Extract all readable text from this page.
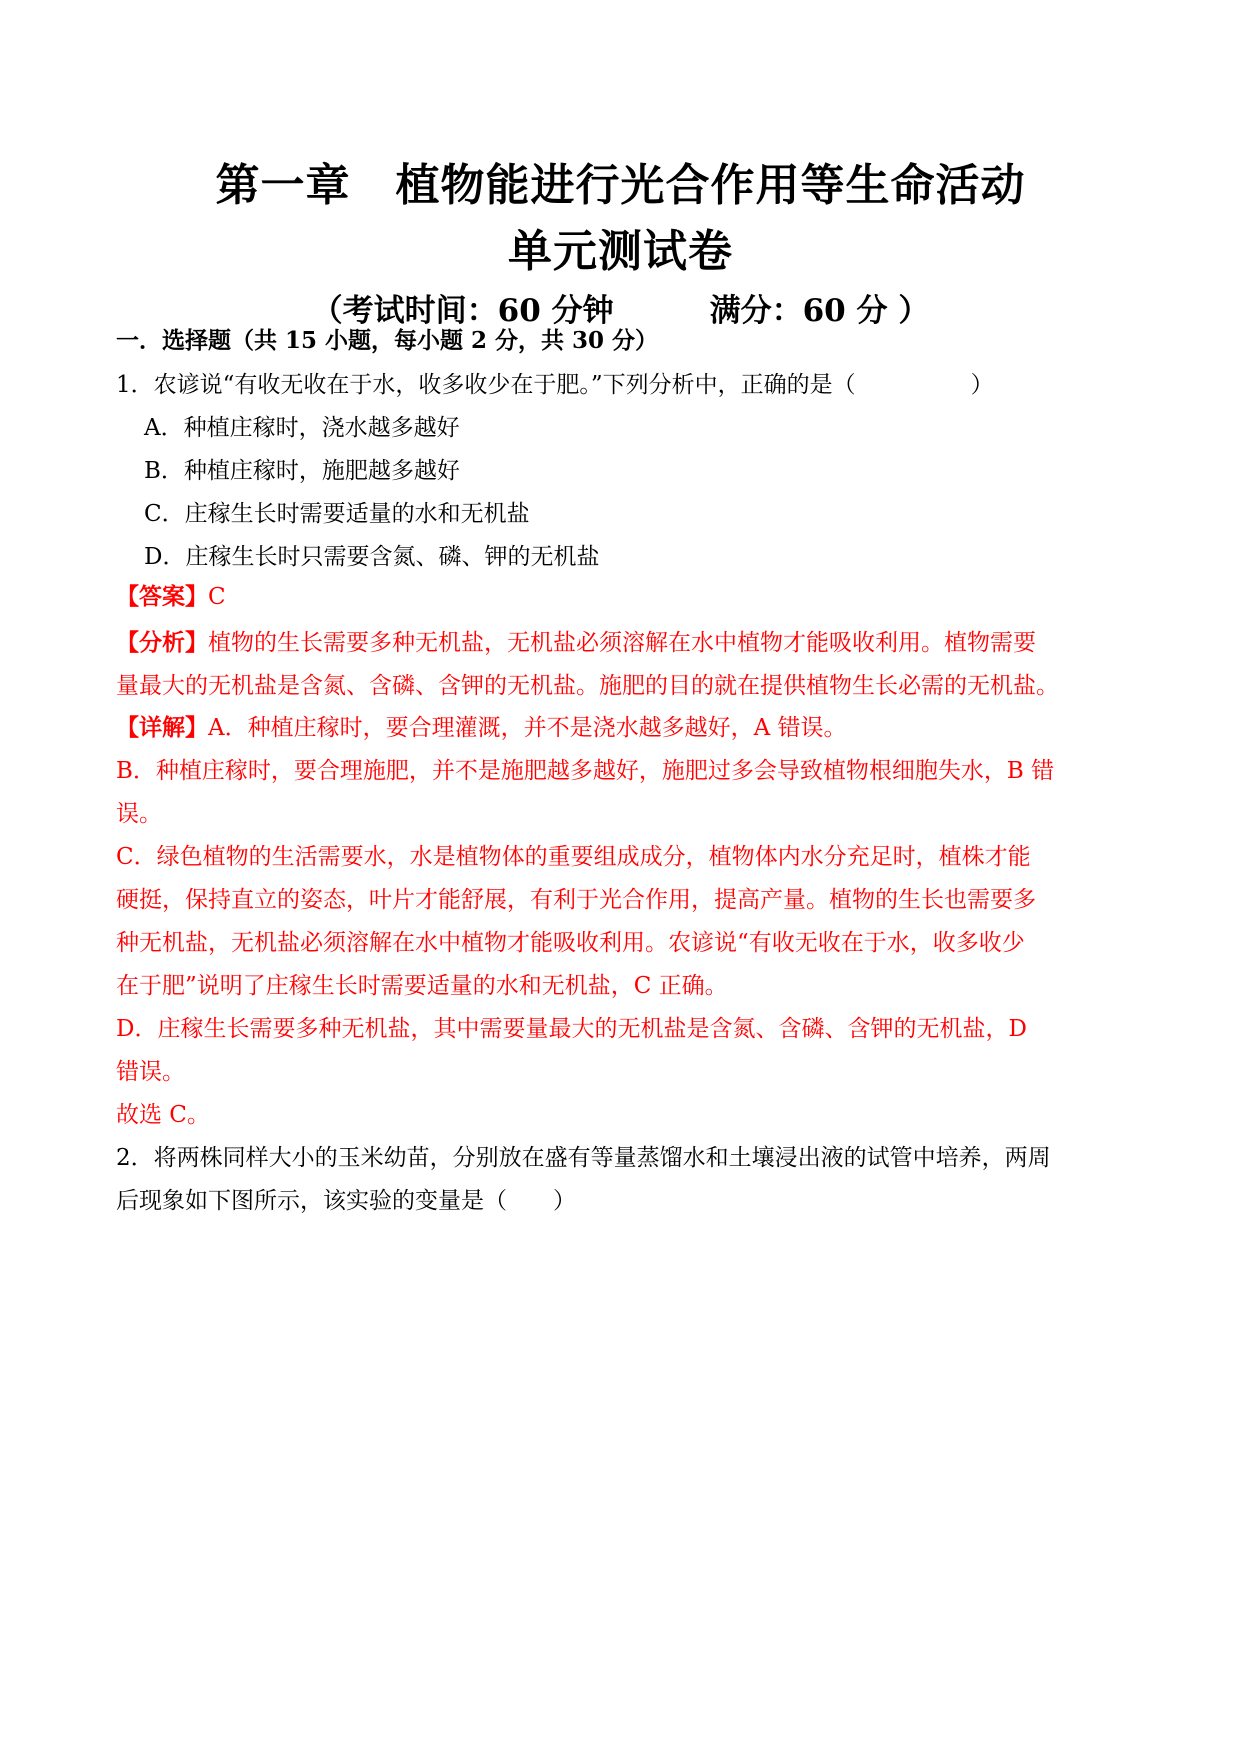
第一章　植物能进行光合作用等生命活动
单元测试卷
（考试时间：60 分钟	满分：60 分 ）
一．选择题（共 15 小题，每小题 2 分，共 30 分）
1．农谚说“有收无收在于水，收多收少在于肥。”下列分析中，正确的是（　　　　　）
A．种植庄稼时，浇水越多越好
B．种植庄稼时，施肥越多越好
C．庄稼生长时需要适量的水和无机盐
D．庄稼生长时只需要含氮、磷、钾的无机盐
【答案】C
【分析】植物的生长需要多种无机盐，无机盐必须溶解在水中植物才能吸收利用。植物需要
量最大的无机盐是含氮、含磷、含钾的无机盐。施肥的目的就在提供植物生长必需的无机盐。
【详解】A．种植庄稼时，要合理灌溉，并不是浇水越多越好，A 错误。
B．种植庄稼时，要合理施肥，并不是施肥越多越好，施肥过多会导致植物根细胞失水，B 错
误。
C．绿色植物的生活需要水，水是植物体的重要组成成分，植物体内水分充足时，植株才能
硬挺，保持直立的姿态，叶片才能舒展，有利于光合作用，提高产量。植物的生长也需要多
种无机盐，无机盐必须溶解在水中植物才能吸收利用。农谚说“有收无收在于水，收多收少
在于肥”说明了庄稼生长时需要适量的水和无机盐，C 正确。
D．庄稼生长需要多种无机盐，其中需要量最大的无机盐是含氮、含磷、含钾的无机盐，D
错误。
故选 C。
2．将两株同样大小的玉米幼苗，分别放在盛有等量蒸馏水和土壤浸出液的试管中培养，两周
后现象如下图所示，该实验的变量是（　　）
